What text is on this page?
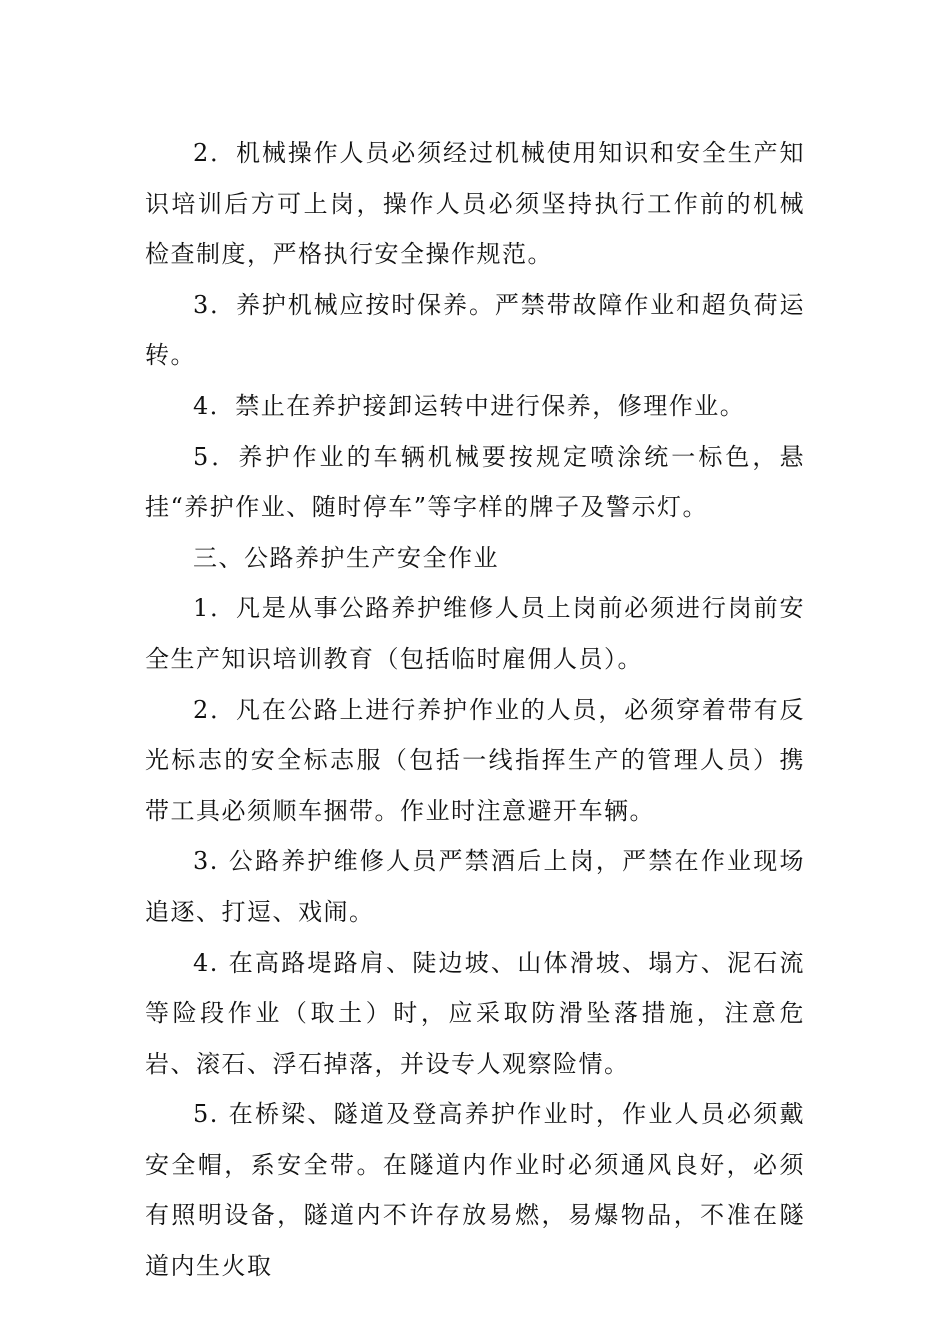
2．机械操作人员必须经过机械使用知识和安全生产知识培训后方可上岗，操作人员必须坚持执行工作前的机械检查制度，严格执行安全操作规范。

3．养护机械应按时保养。严禁带故障作业和超负荷运转。

4．禁止在养护接卸运转中进行保养，修理作业。

5．养护作业的车辆机械要按规定喷涂统一标色，悬挂“养护作业、随时停车”等字样的牌子及警示灯。

三、公路养护生产安全作业

1．凡是从事公路养护维修人员上岗前必须进行岗前安全生产知识培训教育（包括临时雇佣人员）。

2．凡在公路上进行养护作业的人员，必须穿着带有反光标志的安全标志服（包括一线指挥生产的管理人员）携带工具必须顺车捆带。作业时注意避开车辆。

3. 公路养护维修人员严禁酒后上岗，严禁在作业现场追逐、打逗、戏闹。

4. 在高路堤路肩、陡边坡、山体滑坡、塌方、泥石流等险段作业（取土）时，应采取防滑坠落措施，注意危岩、滚石、浮石掉落，并设专人观察险情。

5. 在桥梁、隧道及登高养护作业时，作业人员必须戴安全帽，系安全带。在隧道内作业时必须通风良好，必须有照明设备，隧道内不许存放易燃，易爆物品，不准在隧道内生火取
